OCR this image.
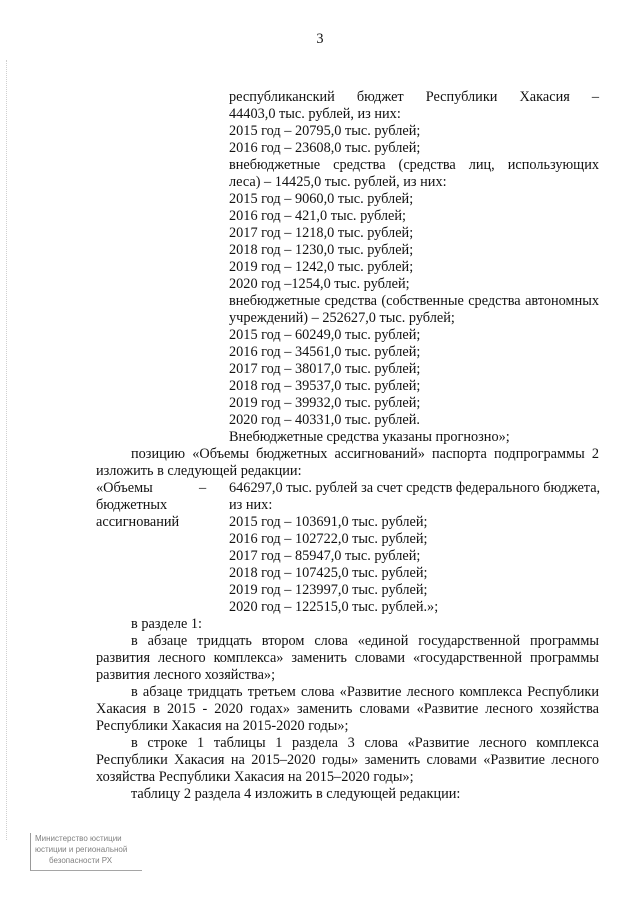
3
республиканский бюджет Республики Хакасия –
44403,0 тыс. рублей, из них:
2015 год – 20795,0 тыс. рублей;
2016 год – 23608,0 тыс. рублей;
внебюджетные средства (средства лиц, использующих
леса) – 14425,0 тыс. рублей, из них:
2015 год – 9060,0 тыс. рублей;
2016 год – 421,0 тыс. рублей;
2017 год – 1218,0 тыс. рублей;
2018 год – 1230,0 тыс. рублей;
2019 год – 1242,0 тыс. рублей;
2020 год –1254,0 тыс. рублей;
внебюджетные средства (собственные средства автономных
учреждений) – 252627,0 тыс. рублей;
2015 год – 60249,0 тыс. рублей;
2016 год – 34561,0 тыс. рублей;
2017 год – 38017,0 тыс. рублей;
2018 год – 39537,0 тыс. рублей;
2019 год – 39932,0 тыс. рублей;
2020 год – 40331,0 тыс. рублей.
Внебюджетные средства указаны прогнозно»;
позицию «Объемы бюджетных ассигнований» паспорта подпрограммы 2
изложить в следующей редакции:
«Объемы	– 646297,0 тыс. рублей за счет средств федерального бюджета,
бюджетных	из них:
ассигнований	2015 год – 103691,0 тыс. рублей;
2016 год – 102722,0 тыс. рублей;
2017 год – 85947,0 тыс. рублей;
2018 год – 107425,0 тыс. рублей;
2019 год – 123997,0 тыс. рублей;
2020 год – 122515,0 тыс. рублей.»;
в разделе 1:
в абзаце тридцать втором слова «единой государственной программы
развития лесного комплекса» заменить словами «государственной программы
развития лесного хозяйства»;
в абзаце тридцать третьем слова «Развитие лесного комплекса Республики
Хакасия в 2015 - 2020 годах» заменить словами «Развитие лесного хозяйства
Республики Хакасия на 2015-2020 годы»;
в строке 1 таблицы 1 раздела 3 слова «Развитие лесного комплекса
Республики Хакасия на 2015–2020 годы» заменить словами «Развитие лесного
хозяйства Республики Хакасия на 2015–2020 годы»;
таблицу 2 раздела 4 изложить в следующей редакции:
Министерство юстиции
юстиции и региональной
безопасности РХ
